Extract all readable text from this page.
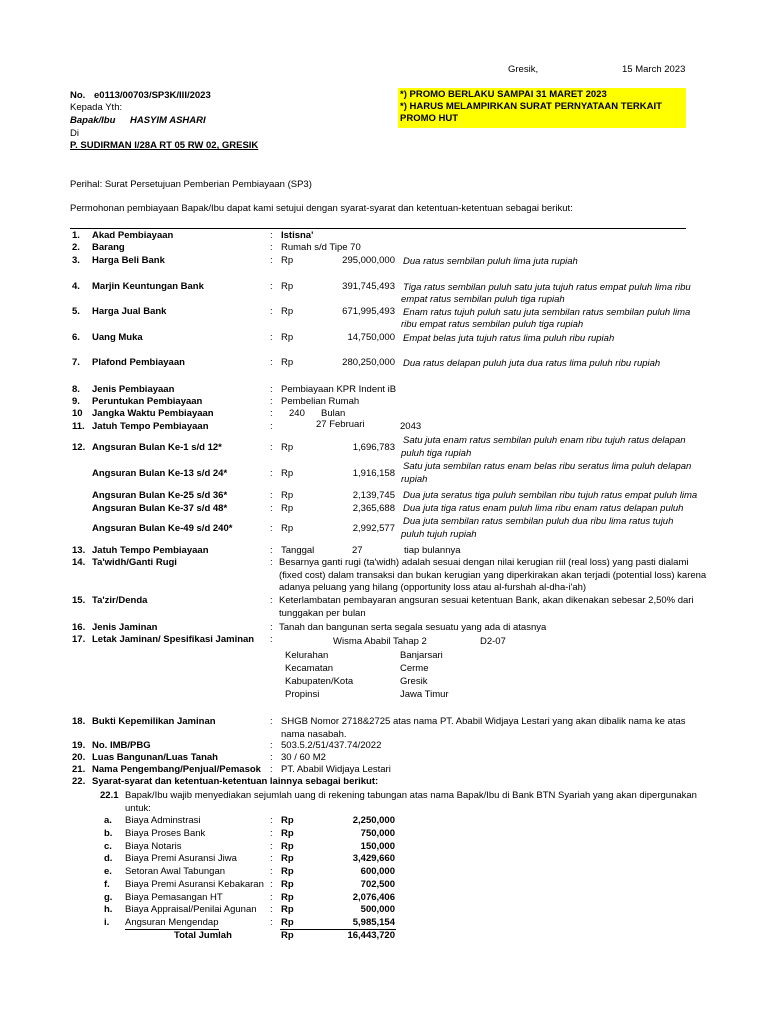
Gresik,	15 March 2023
No. e0113/00703/SP3K/III/2023
Kepada Yth:
Bapak/Ibu HASYIM ASHARI
Di
P. SUDIRMAN I/28A RT 05 RW 02, GRESIK
*) PROMO BERLAKU SAMPAI 31 MARET 2023
*) HARUS MELAMPIRKAN SURAT PERNYATAAN TERKAIT
PROMO HUT
Perihal: Surat Persetujuan Pemberian Pembiayaan (SP3)
Permohonan pembiayaan Bapak/Ibu dapat kami setujui dengan syarat-syarat dan ketentuan-ketentuan sebagai berikut:
1. Akad Pembiayaan	: Istisna'
2. Barang	: Rumah s/d Tipe 70
3. Harga Beli Bank	: Rp	295,000,000 Dua ratus sembilan puluh lima juta rupiah
4. Marjin Keuntungan Bank	: Rp	391,745,493 Tiga ratus sembilan puluh satu juta tujuh ratus empat puluh lima ribu
empat ratus sembilan puluh tiga rupiah
5. Harga Jual Bank	: Rp	671,995,493 Enam ratus tujuh puluh satu juta sembilan ratus sembilan puluh lima
ribu empat ratus sembilan puluh tiga rupiah
6. Uang Muka	: Rp	14,750,000 Empat belas juta tujuh ratus lima puluh ribu rupiah
7. Plafond Pembiayaan	: Rp	280,250,000 Dua ratus delapan puluh juta dua ratus lima puluh ribu rupiah
8. Jenis Pembiayaan	: Pembiayaan KPR Indent iB
9. Peruntukan Pembiayaan	: Pembelian Rumah
10 Jangka Waktu Pembiayaan	: 240 Bulan
11. Jatuh Tempo Pembiayaan	:	27 Februari	2043
12. Angsuran Bulan Ke-1 s/d 12*	: Rp	1,696,783
Satu juta enam ratus sembilan puluh enam ribu tujuh ratus delapan
puluh tiga rupiah
Angsuran Bulan Ke-13 s/d 24*	: Rp	1,916,158
Satu juta sembilan ratus enam belas ribu seratus lima puluh delapan
rupiah
Angsuran Bulan Ke-25 s/d 36*	: Rp	2,139,745 Dua juta seratus tiga puluh sembilan ribu tujuh ratus empat puluh lima
Angsuran Bulan Ke-37 s/d 48*	: Rp	2,365,688 Dua juta tiga ratus enam puluh lima ribu enam ratus delapan puluh
Angsuran Bulan Ke-49 s/d 240*	: Rp	2,992,577
Dua juta sembilan ratus sembilan puluh dua ribu lima ratus tujuh
puluh tujuh rupiah
13. Jatuh Tempo Pembiayaan	: Tanggal	27	tiap bulannya
14. Ta'widh/Ganti Rugi	: Besarnya ganti rugi (ta'widh) adalah sesuai dengan nilai kerugian riil (real loss) yang pasti dialami
(fixed cost) dalam transaksi dan bukan kerugian yang diperkirakan akan terjadi (potential loss) karena
adanya peluang yang hilang (opportunity loss atau al-furshah al-dha-i'ah)
15. Ta'zir/Denda	: Keterlambatan pembayaran angsuran sesuai ketentuan Bank, akan dikenakan sebesar 2,50% dari
tunggakan per bulan
16. Jenis Jaminan	: Tanah dan bangunan serta segala sesuatu yang ada di atasnya
17. Letak Jaminan/ Spesifikasi Jaminan :	Wisma Ababil Tahap 2	D2-07
Kelurahan	Banjarsari
Kecamatan	Cerme
Kabupaten/Kota	Gresik
Propinsi	Jawa Timur
18. Bukti Kepemilikan Jaminan	: SHGB Nomor 2718&2725 atas nama PT. Ababil Widjaya Lestari yang akan dibalik nama ke atas
nama nasabah.
19. No. IMB/PBG	: 503.5.2/51/437.74/2022
20. Luas Bangunan/Luas Tanah	: 30 / 60 M2
21. Nama Pengembang/Penjual/Pemasok : PT. Ababil Widjaya Lestari
22. Syarat-syarat dan ketentuan-ketentuan lainnya sebagai berikut:
22.1 Bapak/Ibu wajib menyediakan sejumlah uang di rekening tabungan atas nama Bapak/Ibu di Bank BTN Syariah yang akan dipergunakan
untuk:
a. Biaya Adminstrasi	: Rp	2,250,000
b. Biaya Proses Bank	: Rp	750,000
c. Biaya Notaris	: Rp	150,000
d. Biaya Premi Asuransi Jiwa	: Rp	3,429,660
e. Setoran Awal Tabungan	: Rp	600,000
f. Biaya Premi Asuransi Kebakaran : Rp	702,500
g. Biaya Pemasangan HT	: Rp	2,076,406
h. Biaya Appraisal/Penilai Agunan : Rp	500,000
i. Angsuran Mengendap	: Rp	5,985,154
Total Jumlah	Rp	16,443,720
